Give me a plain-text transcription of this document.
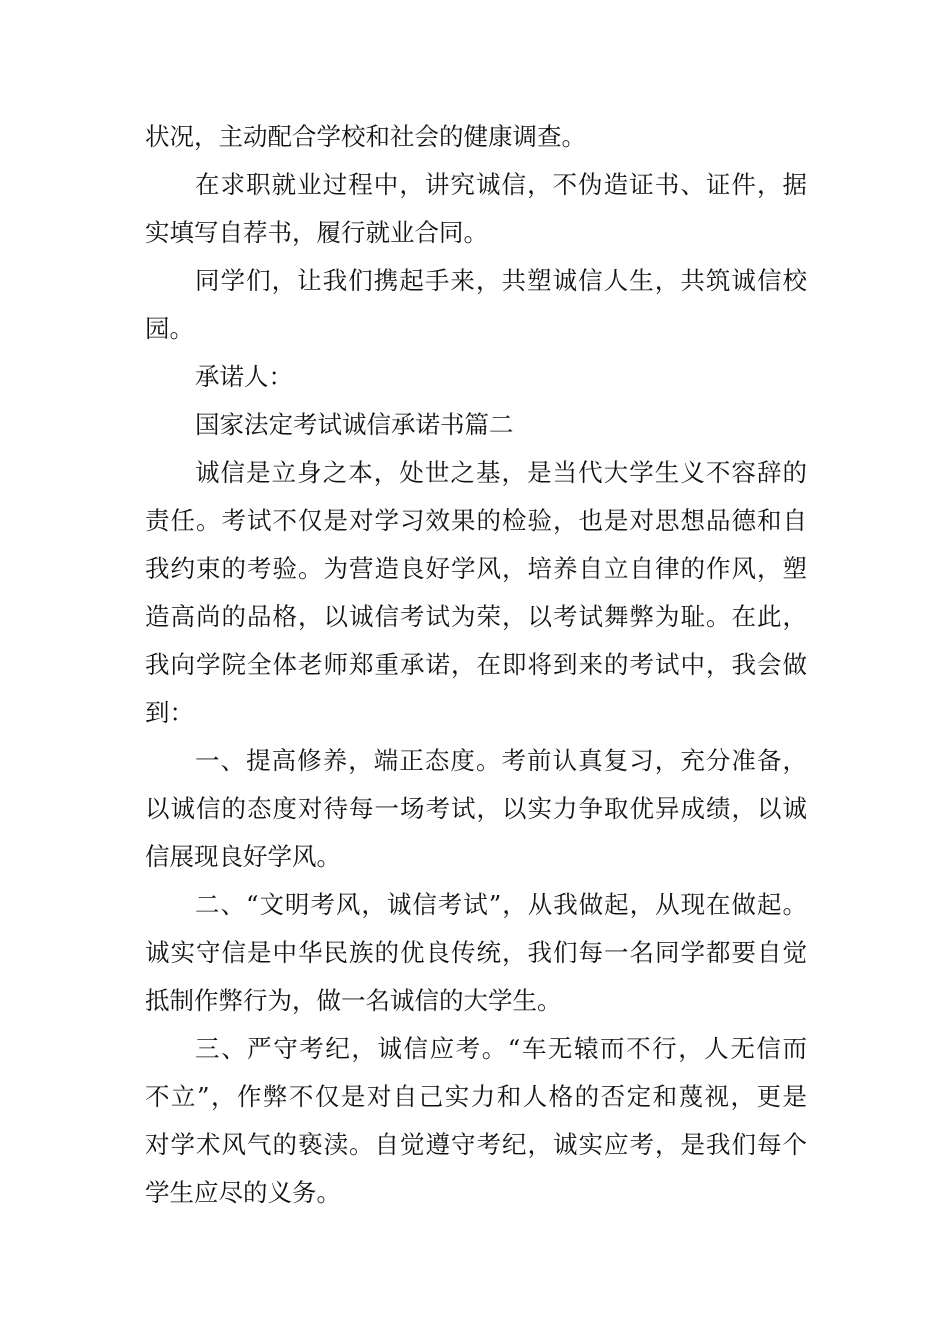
状况，主动配合学校和社会的健康调查。
在求职就业过程中，讲究诚信，不伪造证书、证件，据
实填写自荐书，履行就业合同。
同学们，让我们携起手来，共塑诚信人生，共筑诚信校
园。
承诺人：
国家法定考试诚信承诺书篇二
诚信是立身之本，处世之基，是当代大学生义不容辞的
责任。考试不仅是对学习效果的检验，也是对思想品德和自
我约束的考验。为营造良好学风，培养自立自律的作风，塑
造高尚的品格，以诚信考试为荣，以考试舞弊为耻。在此，
我向学院全体老师郑重承诺，在即将到来的考试中，我会做
到：
一、提高修养，端正态度。考前认真复习，充分准备，
以诚信的态度对待每一场考试，以实力争取优异成绩，以诚
信展现良好学风。
二、“文明考风，诚信考试”，从我做起，从现在做起。
诚实守信是中华民族的优良传统，我们每一名同学都要自觉
抵制作弊行为，做一名诚信的大学生。
三、严守考纪，诚信应考。“车无辕而不行，人无信而
不立”，作弊不仅是对自己实力和人格的否定和蔑视，更是
对学术风气的亵渎。自觉遵守考纪，诚实应考，是我们每个
学生应尽的义务。
